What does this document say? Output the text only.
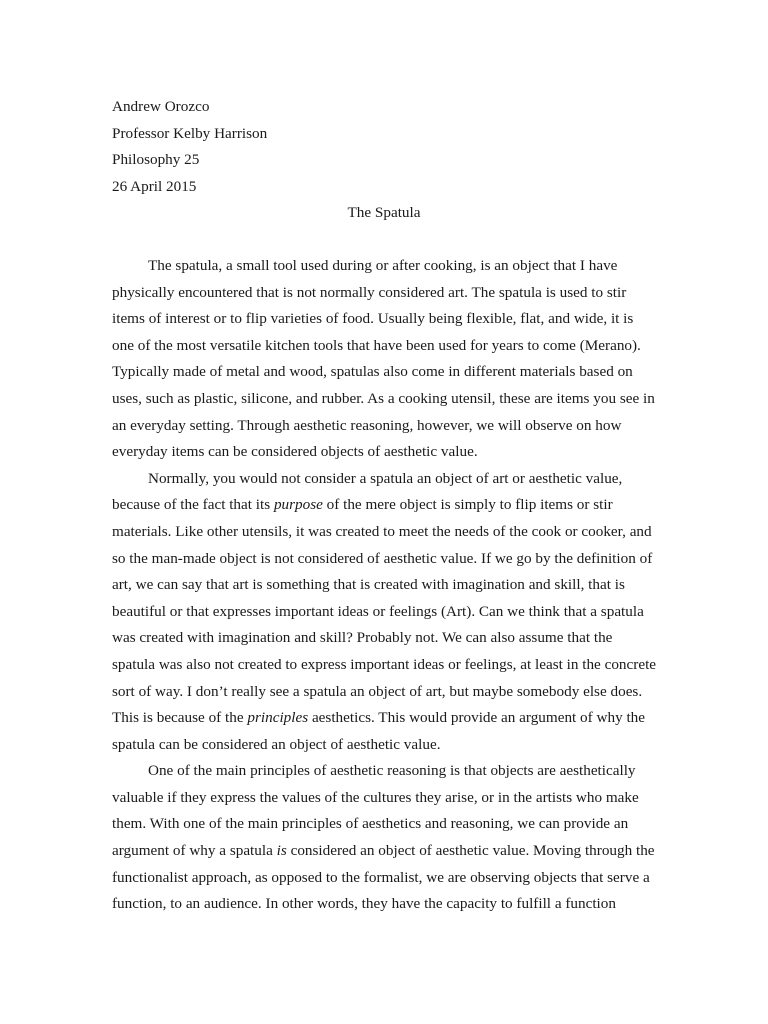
Andrew Orozco
Professor Kelby Harrison
Philosophy 25
26 April 2015
The Spatula
The spatula, a small tool used during or after cooking, is an object that I have
physically encountered that is not normally considered art. The spatula is used to stir
items of interest or to flip varieties of food. Usually being flexible, flat, and wide, it is
one of the most versatile kitchen tools that have been used for years to come (Merano).
Typically made of metal and wood, spatulas also come in different materials based on
uses, such as plastic, silicone, and rubber. As a cooking utensil, these are items you see in
an everyday setting. Through aesthetic reasoning, however, we will observe on how
everyday items can be considered objects of aesthetic value.
Normally, you would not consider a spatula an object of art or aesthetic value,
because of the fact that its purpose of the mere object is simply to flip items or stir
materials. Like other utensils, it was created to meet the needs of the cook or cooker, and
so the man-made object is not considered of aesthetic value. If we go by the definition of
art, we can say that art is something that is created with imagination and skill, that is
beautiful or that expresses important ideas or feelings (Art). Can we think that a spatula
was created with imagination and skill? Probably not. We can also assume that the
spatula was also not created to express important ideas or feelings, at least in the concrete
sort of way. I don’t really see a spatula an object of art, but maybe somebody else does.
This is because of the principles aesthetics. This would provide an argument of why the
spatula can be considered an object of aesthetic value.
One of the main principles of aesthetic reasoning is that objects are aesthetically
valuable if they express the values of the cultures they arise, or in the artists who make
them. With one of the main principles of aesthetics and reasoning, we can provide an
argument of why a spatula is considered an object of aesthetic value. Moving through the
functionalist approach, as opposed to the formalist, we are observing objects that serve a
function, to an audience. In other words, they have the capacity to fulfill a function
